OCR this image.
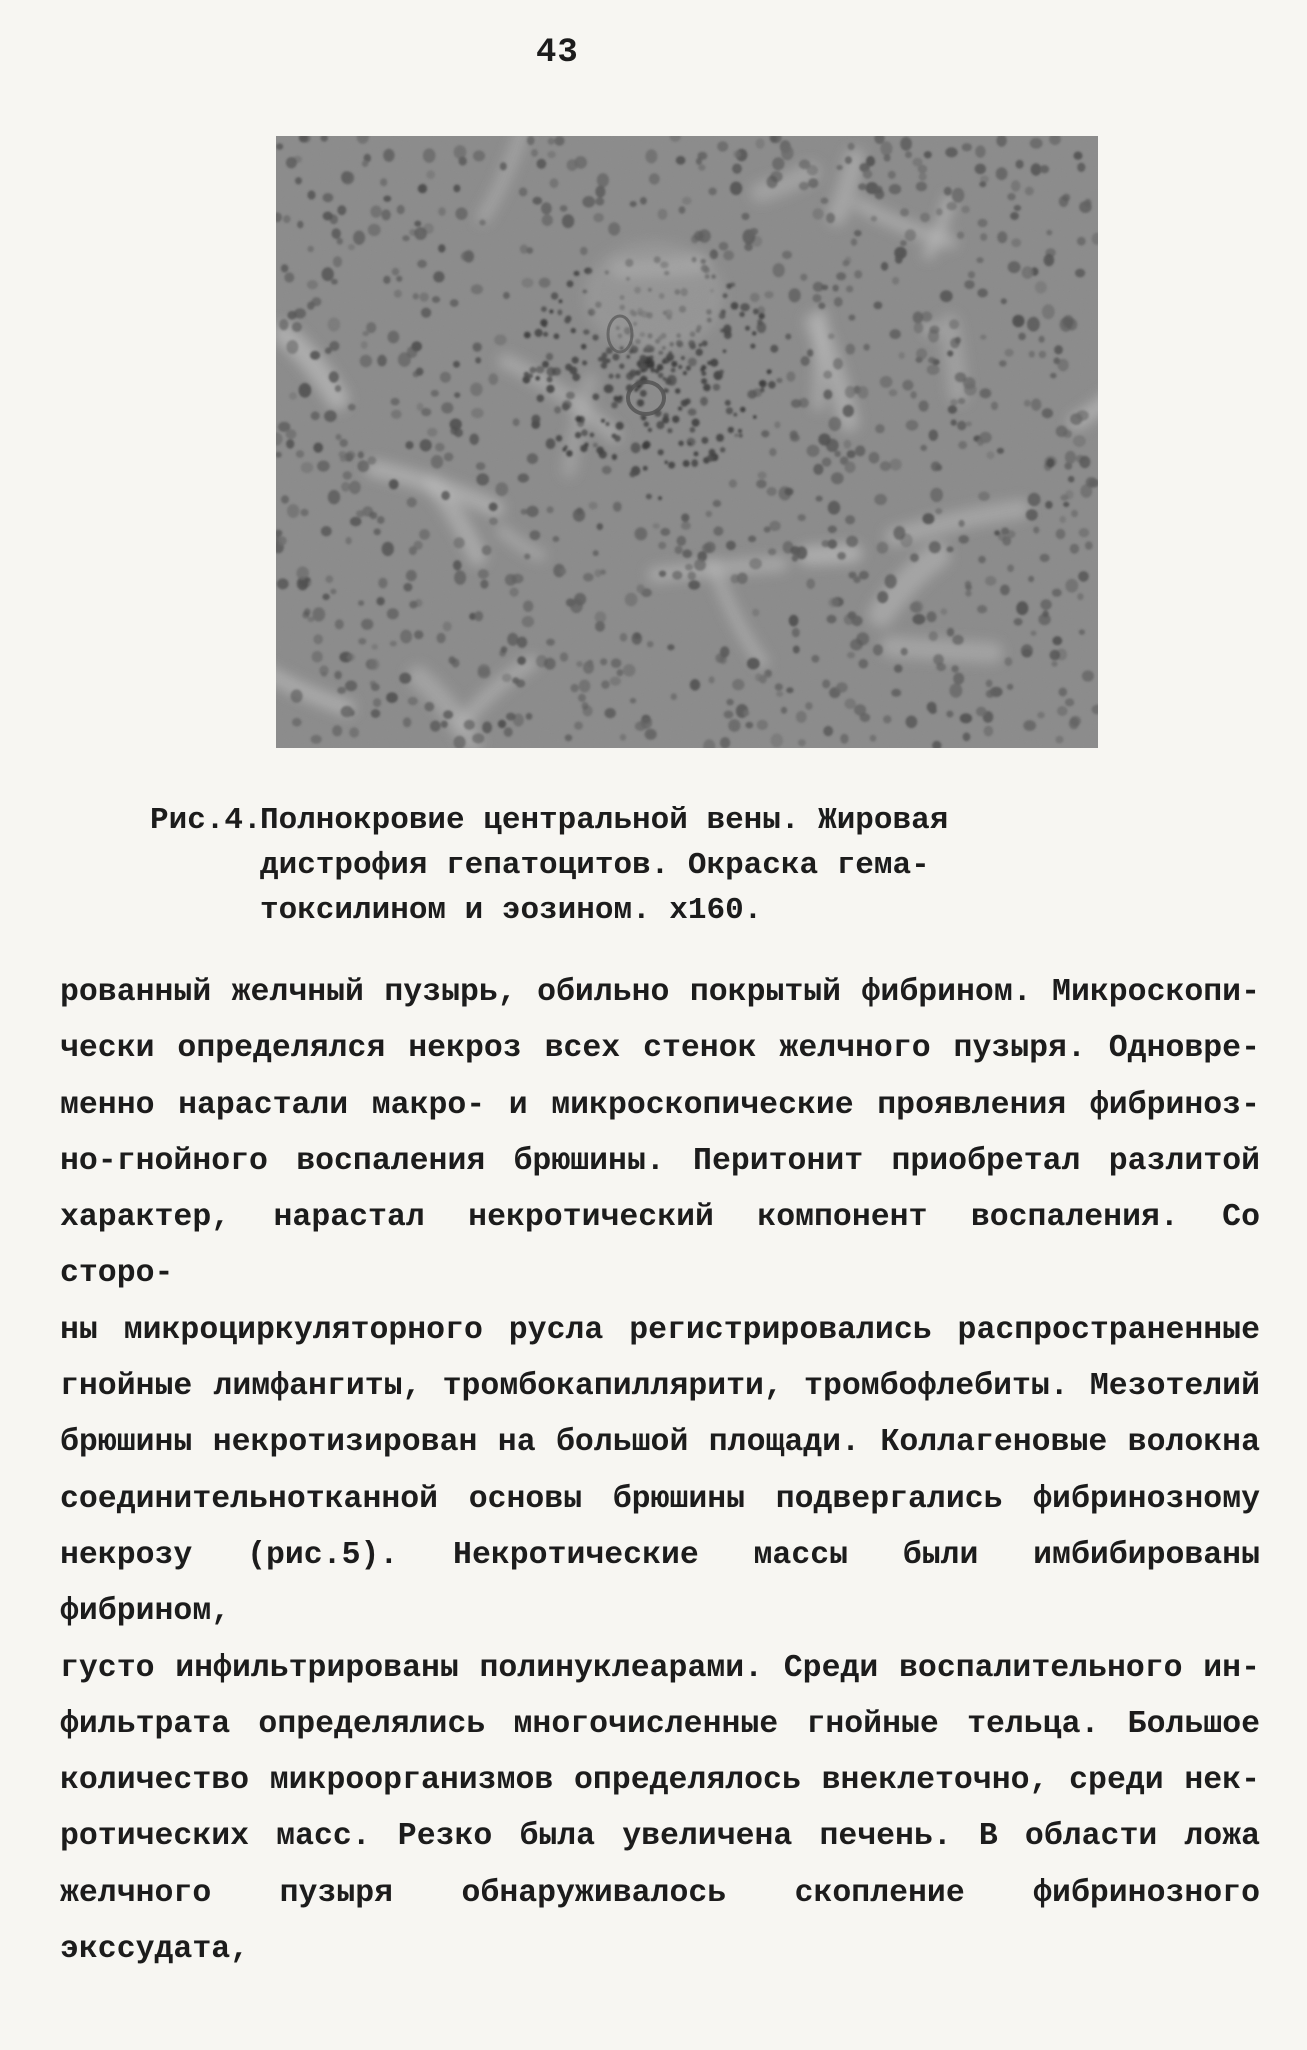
43
Рис.4.
Полнокровие центральной вены. Жировая
дистрофия гепатоцитов. Окраска гема-
токсилином и эозином. х160.
рованный желчный пузырь, обильно покрытый фибрином. Микроскопи-
чески определялся некроз всех стенок желчного пузыря. Одновре-
менно нарастали макро- и микроскопические проявления фибриноз-
но-гнойного воспаления брюшины. Перитонит приобретал разлитой
характер, нарастал некротический компонент воспаления. Со сторо-
ны микроциркуляторного русла регистрировались распространенные
гнойные лимфангиты, тромбокапиллярити, тромбофлебиты. Мезотелий
брюшины некротизирован на большой площади. Коллагеновые волокна
соединительнотканной основы брюшины подвергались фибринозному
некрозу (рис.5). Некротические массы были имбибированы фибрином,
густо инфильтрированы полинуклеарами. Среди воспалительного ин-
фильтрата определялись многочисленные гнойные тельца. Большое
количество микроорганизмов определялось внеклеточно, среди нек-
ротических масс. Резко была увеличена печень. В области ложа
желчного пузыря обнаруживалось скопление фибринозного экссудата,
